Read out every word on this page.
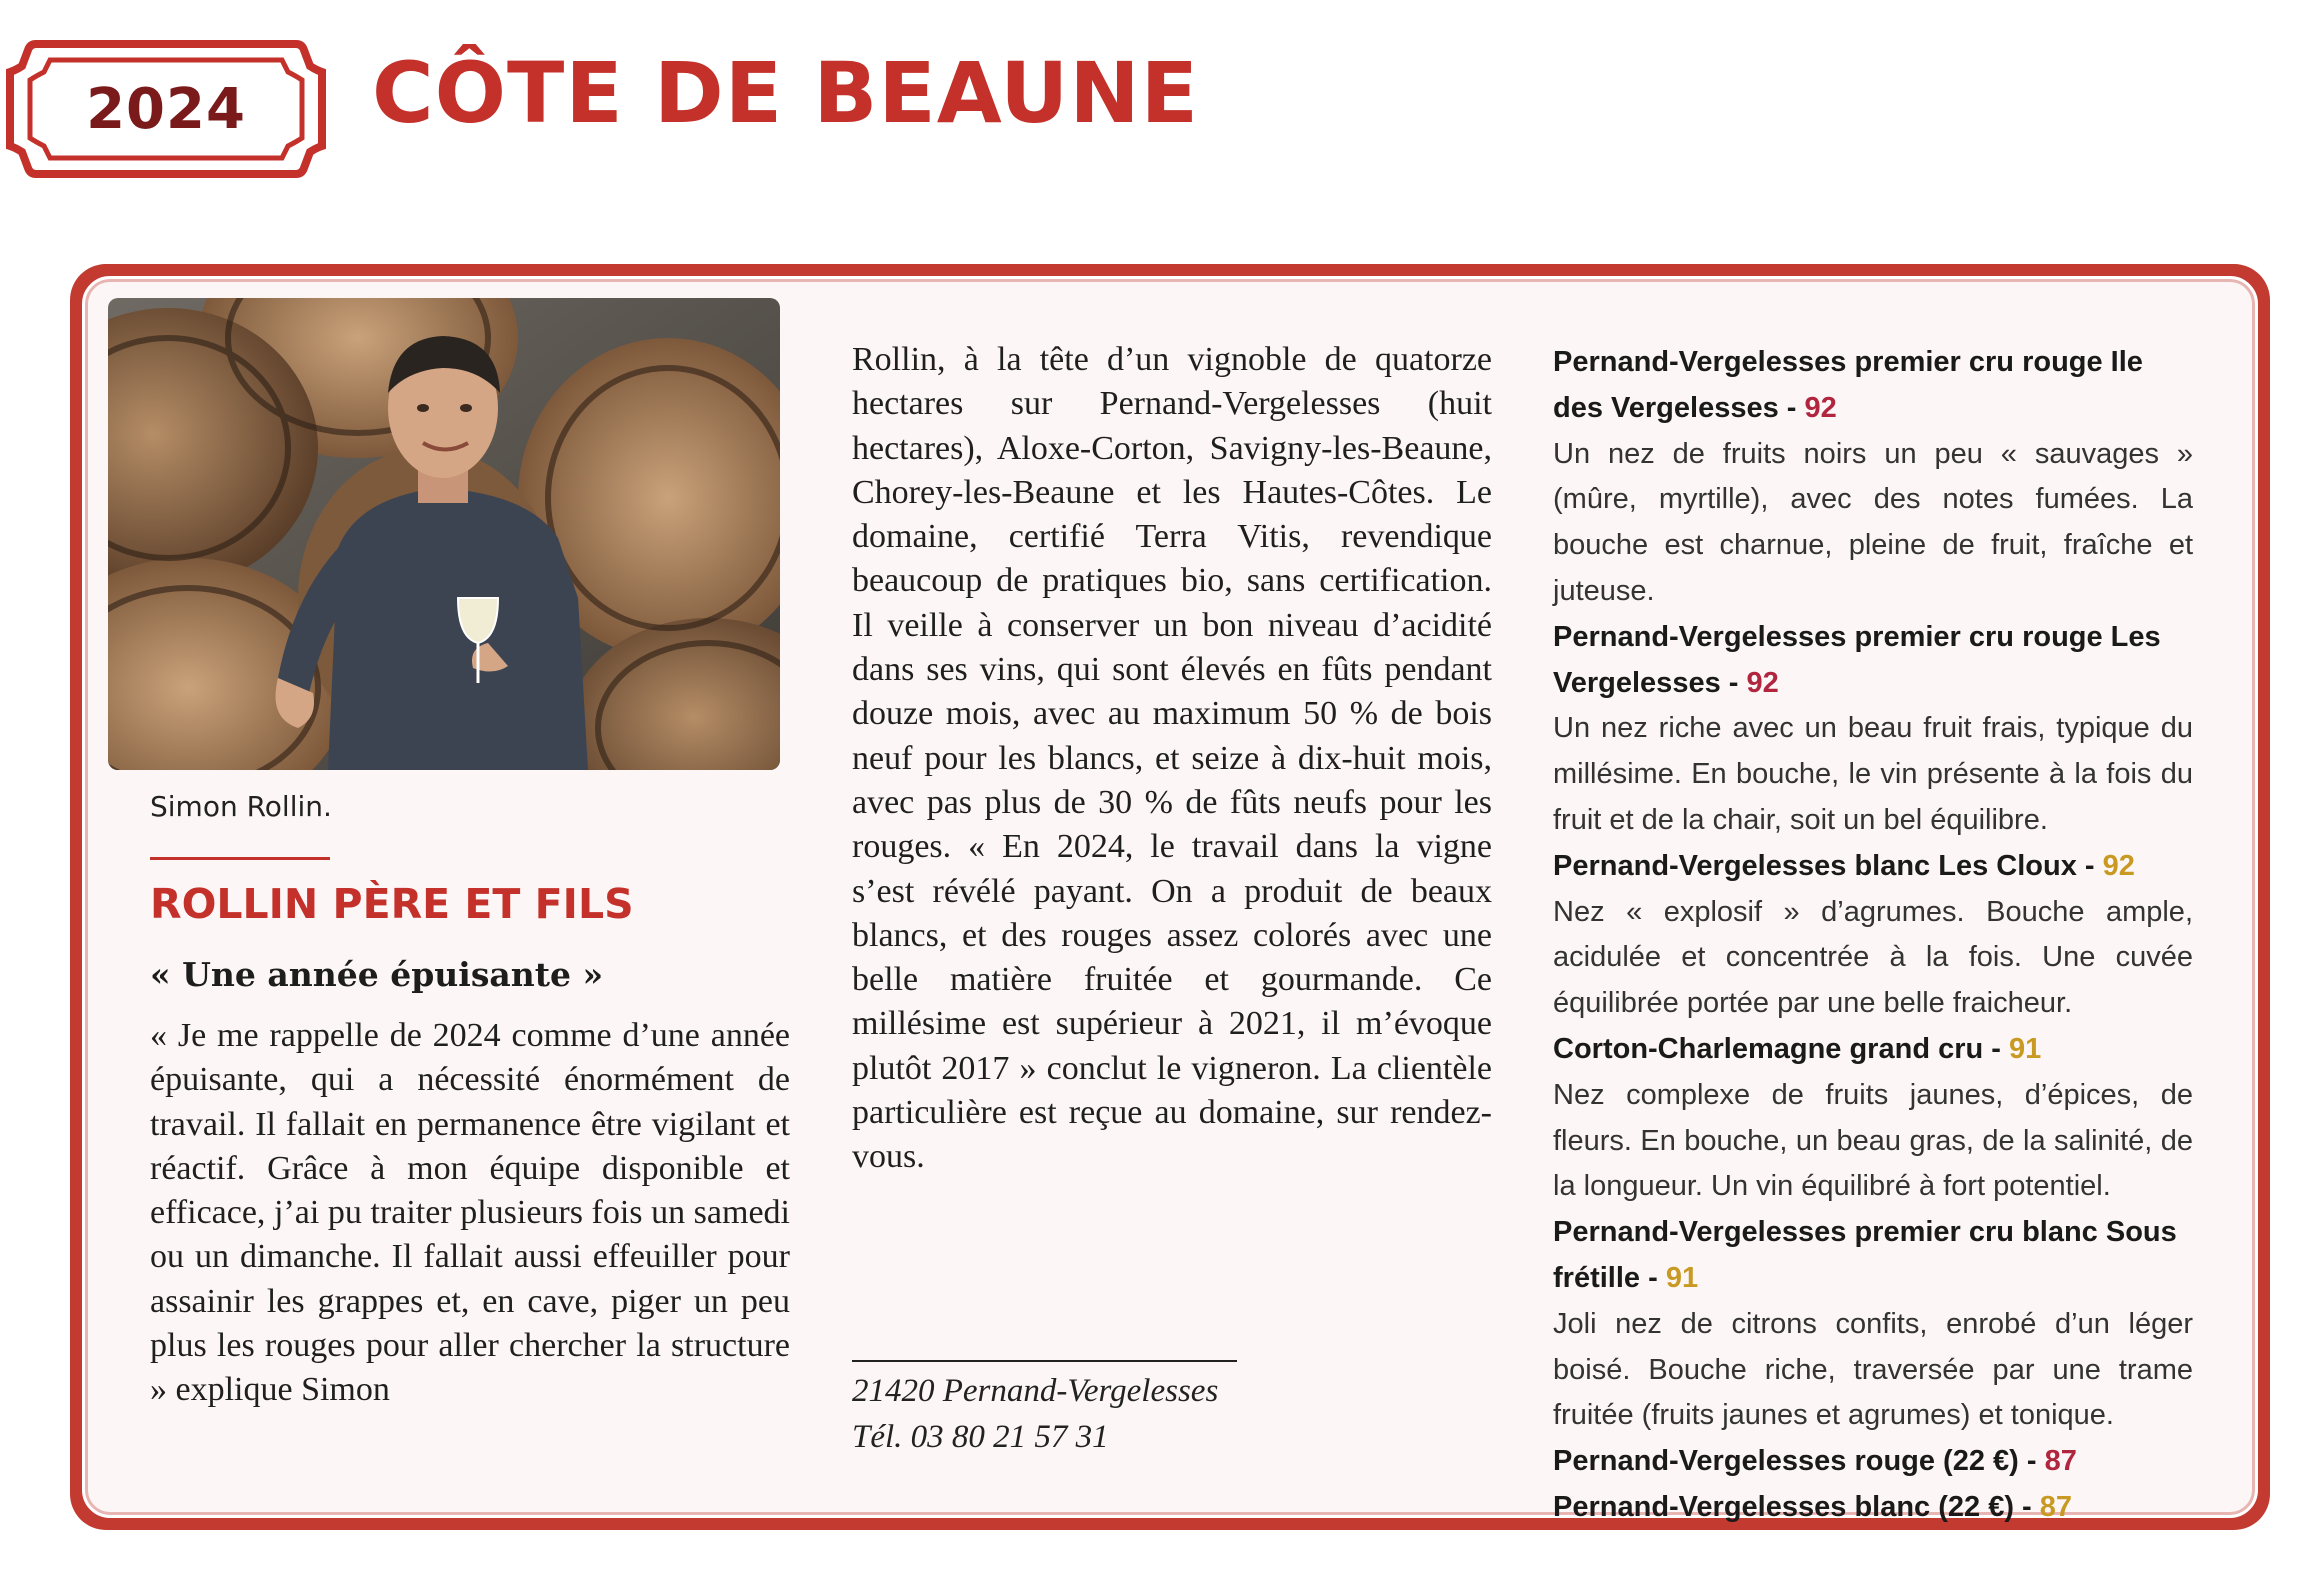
2024	CÔTE DE BEAUNE
Simon Rollin.
ROLLIN PÈRE ET FILS
« Une année épuisante »
« Je me rappelle de 2024 comme d’une année épuisante, qui a nécessité énormément de travail. Il fallait en permanence être vigilant et réactif. Grâce à mon équipe disponible et efficace, j’ai pu traiter plusieurs fois un samedi ou un dimanche. Il fallait aussi effeuiller pour assainir les grappes et, en cave, piger un peu plus les rouges pour aller chercher la structure » explique Simon
Rollin, à la tête d’un vignoble de quatorze hectares sur Pernand-Vergelesses (huit hectares), Aloxe-Corton, Savigny-les-Beaune, Chorey-les-Beaune et les Hautes-Côtes. Le domaine, certifié Terra Vitis, revendique beaucoup de pratiques bio, sans certification. Il veille à conserver un bon niveau d’acidité dans ses vins, qui sont élevés en fûts pendant douze mois, avec au maximum 50 % de bois neuf pour les blancs, et seize à dix-huit mois, avec pas plus de 30 % de fûts neufs pour les rouges. « En 2024, le travail dans la vigne s’est révélé payant. On a produit de beaux blancs, et des rouges assez colorés avec une belle matière fruitée et gourmande. Ce millésime est supérieur à 2021, il m’évoque plutôt 2017 » conclut le vigneron. La clientèle particulière est reçue au domaine, sur rendez-vous.
21420 Pernand-Vergelesses
Tél. 03 80 21 57 31
Pernand-Vergelesses premier cru rouge Ile des Vergelesses - 92
Un nez de fruits noirs un peu « sauvages » (mûre, myrtille), avec des notes fumées. La bouche est charnue, pleine de fruit, fraîche et juteuse.
Pernand-Vergelesses premier cru rouge Les Vergelesses - 92
Un nez riche avec un beau fruit frais, typique du millésime. En bouche, le vin présente à la fois du fruit et de la chair, soit un bel équilibre.
Pernand-Vergelesses blanc Les Cloux - 92
Nez « explosif » d’agrumes. Bouche ample, acidulée et concentrée à la fois. Une cuvée équilibrée portée par une belle fraicheur.
Corton-Charlemagne grand cru - 91
Nez complexe de fruits jaunes, d’épices, de fleurs. En bouche, un beau gras, de la salinité, de la longueur. Un vin équilibré à fort potentiel.
Pernand-Vergelesses premier cru blanc Sous frétille - 91
Joli nez de citrons confits, enrobé d’un léger boisé. Bouche riche, traversée par une trame fruitée (fruits jaunes et agrumes) et tonique.
Pernand-Vergelesses rouge (22 €) - 87
Pernand-Vergelesses blanc (22 €) - 87
